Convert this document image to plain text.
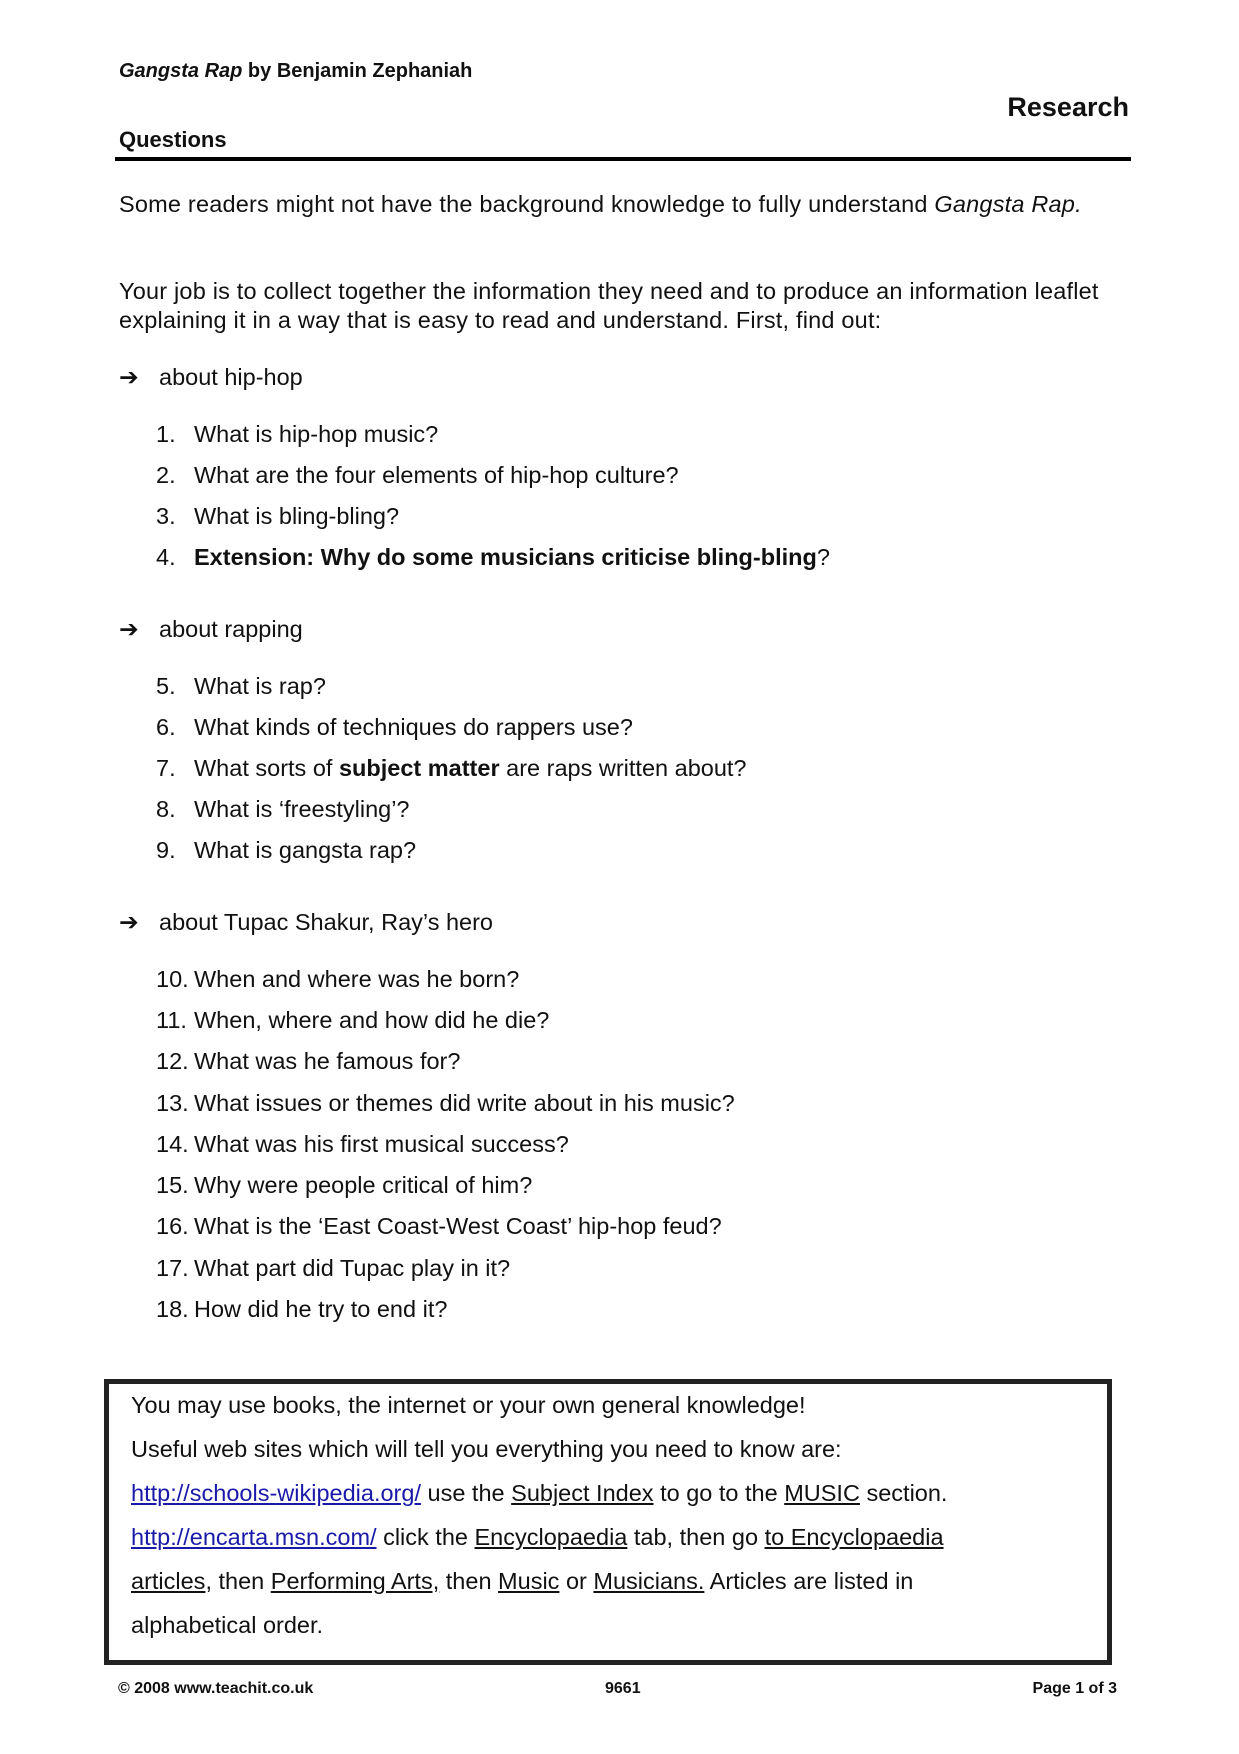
Gangsta Rap by Benjamin Zephaniah
Research
Questions
Some readers might not have the background knowledge to fully understand Gangsta Rap.
Your job is to collect together the information they need and to produce an information leaflet explaining it in a way that is easy to read and understand. First, find out:
➔ about hip-hop
1. What is hip-hop music?
2. What are the four elements of hip-hop culture?
3. What is bling-bling?
4. Extension: Why do some musicians criticise bling-bling?
➔ about rapping
5. What is rap?
6. What kinds of techniques do rappers use?
7. What sorts of subject matter are raps written about?
8. What is ‘freestyling’?
9. What is gangsta rap?
➔ about Tupac Shakur, Ray’s hero
10. When and where was he born?
11. When, where and how did he die?
12. What was he famous for?
13. What issues or themes did write about in his music?
14. What was his first musical success?
15. Why were people critical of him?
16. What is the ‘East Coast-West Coast’ hip-hop feud?
17. What part did Tupac play in it?
18. How did he try to end it?
You may use books, the internet or your own general knowledge!
Useful web sites which will tell you everything you need to know are:
http://schools-wikipedia.org/ use the Subject Index to go to the MUSIC section.
http://encarta.msn.com/ click the Encyclopaedia tab, then go to Encyclopaedia
articles, then Performing Arts, then Music or Musicians. Articles are listed in
alphabetical order.
© 2008 www.teachit.co.uk	9661	Page 1 of 3
